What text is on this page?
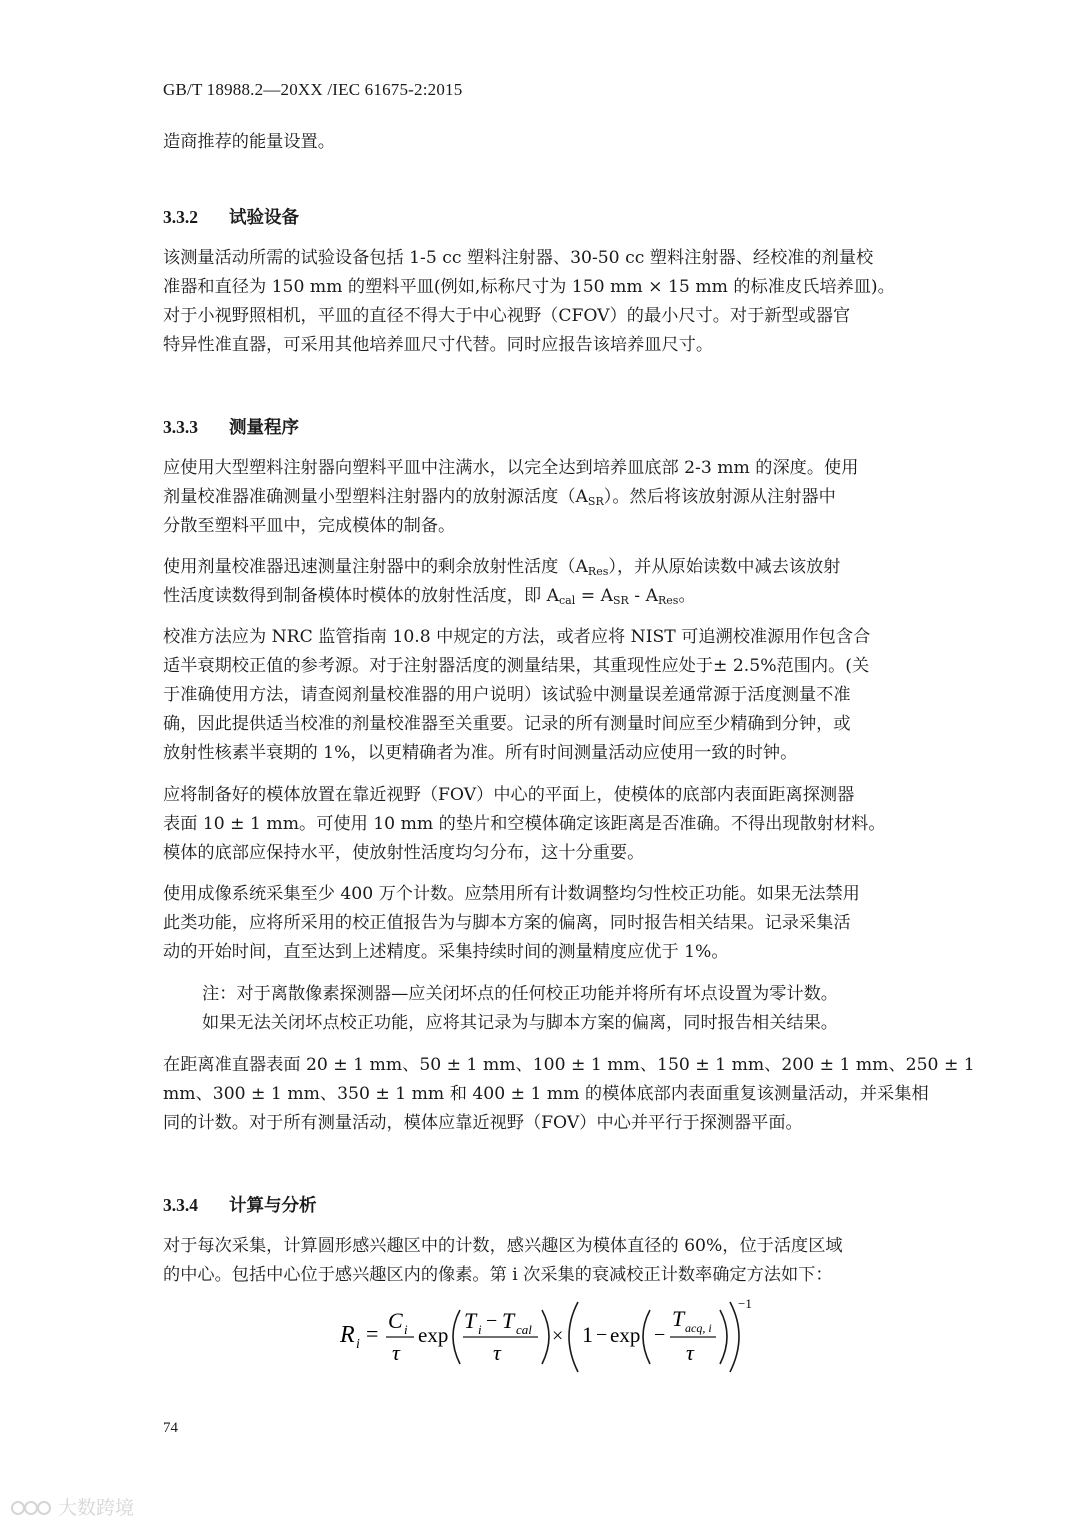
GB/T 18988.2—20XX /IEC 61675-2:2015
造商推荐的能量设置。
3.3.2 试验设备
该测量活动所需的试验设备包括 1-5 cc 塑料注射器、30-50 cc 塑料注射器、经校准的剂量校
准器和直径为 150 mm 的塑料平皿(例如,标称尺寸为 150 mm × 15 mm 的标准皮氏培养皿)。
对于小视野照相机，平皿的直径不得大于中心视野（CFOV）的最小尺寸。对于新型或器官
特异性准直器，可采用其他培养皿尺寸代替。同时应报告该培养皿尺寸。
3.3.3 测量程序
应使用大型塑料注射器向塑料平皿中注满水，以完全达到培养皿底部 2-3 mm 的深度。使用
剂量校准器准确测量小型塑料注射器内的放射源活度$(A_{SR})$。然后将该放射源从注射器中
分散至塑料平皿中，完成模体的制备。
使用剂量校准器迅速测量注射器中的剩余放射性活度$(A_{Res})$，并从原始读数中减去该放射
性活度读数得到制备模体时模体的放射性活度，即 $A_{cal} = A_{SR} - A_{Res}$。
校准方法应为 NRC 监管指南 10.8 中规定的方法，或者应将 NIST 可追溯校准源用作包含合
适半衰期校正值的参考源。对于注射器活度的测量结果，其重现性应处于± 2.5%范围内。(关
于准确使用方法，请查阅剂量校准器的用户说明）该试验中测量误差通常源于活度测量不准
确，因此提供适当校准的剂量校准器至关重要。记录的所有测量时间应至少精确到分钟，或
放射性核素半衰期的 1%，以更精确者为准。所有时间测量活动应使用一致的时钟。
应将制备好的模体放置在靠近视野（FOV）中心的平面上，使模体的底部内表面距离探测器
表面 10 ± 1 mm。可使用 10 mm 的垫片和空模体确定该距离是否准确。不得出现散射材料。
模体的底部应保持水平，使放射性活度均匀分布，这十分重要。
使用成像系统采集至少 400 万个计数。应禁用所有计数调整均匀性校正功能。如果无法禁用
此类功能，应将所采用的校正值报告为与脚本方案的偏离，同时报告相关结果。记录采集活
动的开始时间，直至达到上述精度。采集持续时间的测量精度应优于 1%。
注：对于离散像素探测器—应关闭坏点的任何校正功能并将所有坏点设置为零计数。
如果无法关闭坏点校正功能，应将其记录为与脚本方案的偏离，同时报告相关结果。
在距离准直器表面 20 ± 1 mm、50 ± 1 mm、100 ± 1 mm、150 ± 1 mm、200 ± 1 mm、250 ± 1
mm、300 ± 1 mm、350 ± 1 mm 和 400 ± 1 mm 的模体底部内表面重复该测量活动，并采集相
同的计数。对于所有测量活动，模体应靠近视野（FOV）中心并平行于探测器平面。
3.3.4 计算与分析
对于每次采集，计算圆形感兴趣区中的计数，感兴趣区为模体直径的 60%，位于活度区域
的中心。包括中心位于感兴趣区内的像素。第 i 次采集的衰减校正计数率确定方法如下：
R i =
C i
τ
exp
T i − T cal
τ
× 1 − exp −
T acq, i
τ
−1
74
大数跨境
